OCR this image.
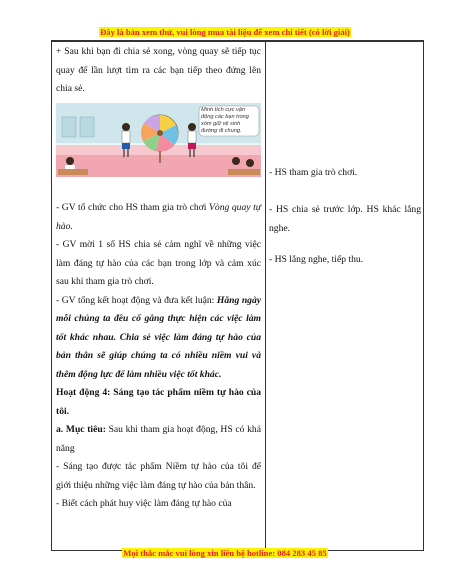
Đây là bản xem thử, vui lòng mua tài liệu để xem chi tiết (có lời giải)

+ Sau khi bạn đi chia sẻ xong, vòng quay sẽ tiếp tục quay để lần lượt tìm ra các bạn tiếp theo đứng lên chia sẻ.

Minh tích cực vận động các bạn trong xóm giữ vệ sinh đường đi chung.

- GV tổ chức cho HS tham gia trò chơi Vòng quay tự hào.

- GV mời 1 số HS chia sẻ cảm nghĩ về những việc làm đáng tự hào của các bạn trong lớp và cảm xúc sau khi tham gia trò chơi.

- GV tổng kết hoạt động và đưa kết luận: Hằng ngày mỗi chúng ta đều cố gắng thực hiện các việc làm tốt khác nhau. Chia sẻ việc làm đáng tự hào của bản thân sẽ giúp chúng ta có nhiều niềm vui và thêm động lực để làm nhiều việc tốt khác.

Hoạt động 4: Sáng tạo tác phẩm niềm tự hào của tôi.

a. Mục tiêu: Sau khi tham gia hoạt động, HS có khả năng

- Sáng tạo được tác phẩm Niềm tự hào của tôi để giới thiệu những việc làm đáng tự hào của bản thân.

- Biết cách phát huy việc làm đáng tự hào của

- HS tham gia trò chơi.

- HS chia sẻ trước lớp. HS khác lắng nghe.

- HS lắng nghe, tiếp thu.

Mọi thắc mắc vui lòng xin liên hệ hotline: 084 283 45 85
